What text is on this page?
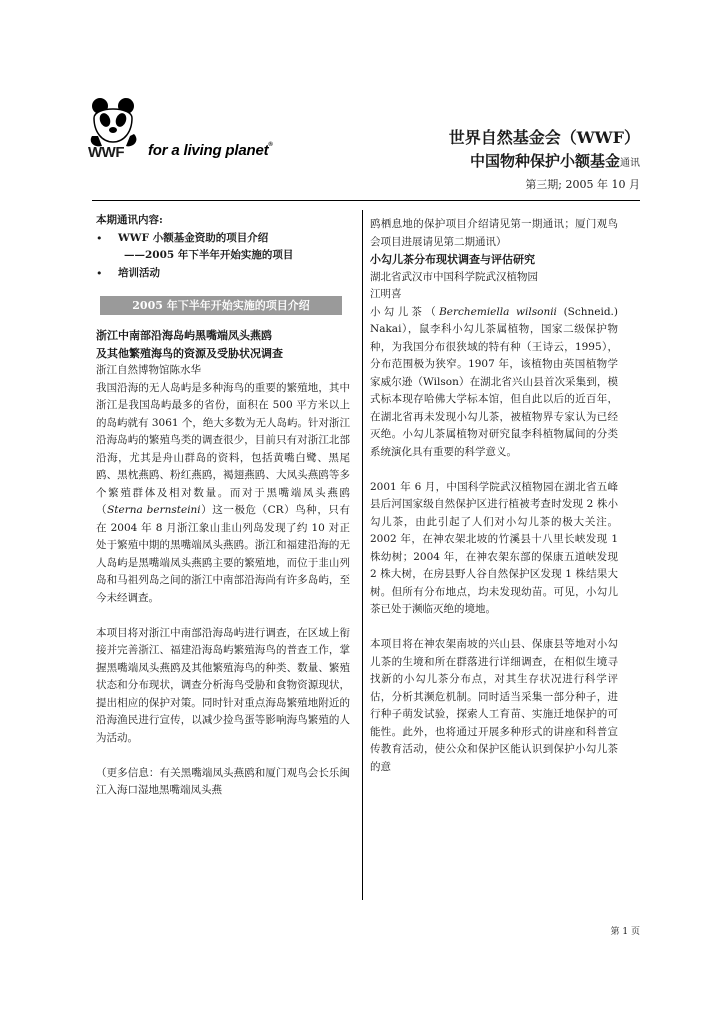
WWF for a living planet®	世界自然基金会（WWF）
中国物种保护小额基金通讯
第三期; 2005 年 10 月

本期通讯内容:

•	WWF 小额基金资助的项目介绍

——2005 年下半年开始实施的项目

•	培训活动
2005 年下半年开始实施的项目介绍

浙江中南部沿海岛屿黑嘴端凤头燕鸥

及其他繁殖海鸟的资源及受胁状况调查

浙江自然博物馆陈水华

我国沿海的无人岛屿是多种海鸟的重要的繁殖地，其中浙江是我国岛屿最多的省份，面积在 500 平方米以上的岛屿就有 3061 个，绝大多数为无人岛屿。针对浙江沿海岛屿的繁殖鸟类的调查很少，目前只有对浙江北部沿海，尤其是舟山群岛的资料，包括黄嘴白鹭、黑尾鸥、黑枕燕鸥、粉红燕鸥，褐翅燕鸥、大凤头燕鸥等多个繁殖群体及相对数量。而对于黑嘴端凤头燕鸥（Sterna bernsteini）这一极危（CR）鸟种，只有在 2004 年 8 月浙江象山韭山列岛发现了约 10 对正处于繁殖中期的黑嘴端凤头燕鸥。浙江和福建沿海的无人岛屿是黑嘴端凤头燕鸥主要的繁殖地，而位于韭山列岛和马祖列岛之间的浙江中南部沿海尚有许多岛屿，至今未经调查。

本项目将对浙江中南部沿海岛屿进行调查，在区域上衔接并完善浙江、福建沿海岛屿繁殖海鸟的普查工作，掌握黑嘴端凤头燕鸥及其他繁殖海鸟的种类、数量、繁殖状态和分布现状，调查分析海鸟受胁和食物资源现状，提出相应的保护对策。同时针对重点海岛繁殖地附近的沿海渔民进行宣传，以减少捡鸟蛋等影响海鸟繁殖的人为活动。

（更多信息：有关黑嘴端凤头燕鸥和厦门观鸟会长乐闽江入海口湿地黑嘴端凤头燕

鸥栖息地的保护项目介绍请见第一期通讯；厦门观鸟会项目进展请见第二期通讯）

小勾儿茶分布现状调查与评估研究

湖北省武汉市中国科学院武汉植物园

江明喜

小勾儿茶（Berchemiella wilsonii (Schneid.) Nakai），鼠李科小勾儿茶属植物，国家二级保护物种，为我国分布很狭域的特有种（王诗云，1995），分布范围极为狭窄。1907 年，该植物由英国植物学家威尔逊（Wilson）在湖北省兴山县首次采集到，模式标本现存哈佛大学标本馆，但自此以后的近百年，在湖北省再未发现小勾儿茶，被植物界专家认为已经灭绝。小勾儿茶属植物对研究鼠李科植物属间的分类系统演化具有重要的科学意义。

2001 年 6 月，中国科学院武汉植物园在湖北省五峰县后河国家级自然保护区进行植被考查时发现 2 株小勾儿茶，由此引起了人们对小勾儿茶的极大关注。2002 年，在神农架北坡的竹溪县十八里长峡发现 1 株幼树；2004 年，在神农架东部的保康五道峡发现 2 株大树，在房县野人谷自然保护区发现 1 株结果大树。但所有分布地点，均未发现幼苗。可见，小勾儿茶已处于濒临灭绝的境地。

本项目将在神农架南坡的兴山县、保康县等地对小勾儿茶的生境和所在群落进行详细调查，在相似生境寻找新的小勾儿茶分布点，对其生存状况进行科学评估，分析其濒危机制。同时适当采集一部分种子，进行种子萌发试验，探索人工育苗、实施迁地保护的可能性。此外，也将通过开展多种形式的讲座和科普宣传教育活动，使公众和保护区能认识到保护小勾儿茶的意

第 1 页
